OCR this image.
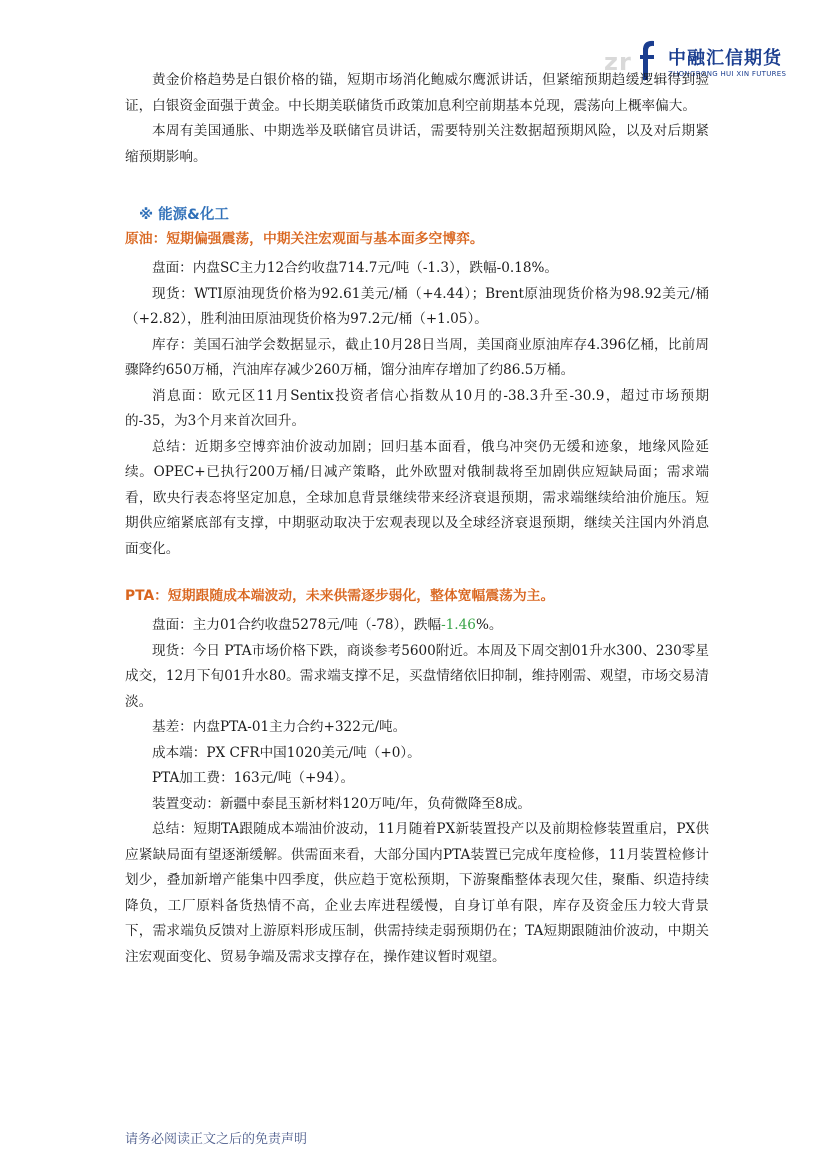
zr 中融汇信期货
ZHONGRONG HUI XIN FUTURES

黄金价格趋势是白银价格的锚，短期市场消化鲍威尔鹰派讲话，但紧缩预期趋缓逻辑得到验证，白银资金面强于黄金。中长期美联储货币政策加息利空前期基本兑现，震荡向上概率偏大。

本周有美国通胀、中期选举及联储官员讲话，需要特别关注数据超预期风险，以及对后期紧缩预期影响。

※ 能源&化工
原油：短期偏强震荡，中期关注宏观面与基本面多空博弈。

盘面：内盘SC主力12合约收盘714.7元/吨（-1.3），跌幅-0.18%。

现货：WTI原油现货价格为92.61美元/桶（+4.44）；Brent原油现货价格为98.92美元/桶（+2.82），胜利油田原油现货价格为97.2元/桶（+1.05）。

库存：美国石油学会数据显示，截止10月28日当周，美国商业原油库存4.396亿桶，比前周骤降约650万桶，汽油库存减少260万桶，馏分油库存增加了约86.5万桶。

消息面：欧元区11月Sentix投资者信心指数从10月的-38.3升至-30.9，超过市场预期的-35，为3个月来首次回升。

总结：近期多空博弈油价波动加剧；回归基本面看，俄乌冲突仍无缓和迹象，地缘风险延续。OPEC+已执行200万桶/日减产策略，此外欧盟对俄制裁将至加剧供应短缺局面；需求端看，欧央行表态将坚定加息，全球加息背景继续带来经济衰退预期，需求端继续给油价施压。短期供应缩紧底部有支撑，中期驱动取决于宏观表现以及全球经济衰退预期，继续关注国内外消息面变化。

PTA：短期跟随成本端波动，未来供需逐步弱化，整体宽幅震荡为主。

盘面：主力01合约收盘5278元/吨（-78），跌幅-1.46%。

现货：今日 PTA市场价格下跌，商谈参考5600附近。本周及下周交割01升水300、230零星成交，12月下旬01升水80。需求端支撑不足，买盘情绪依旧抑制，维持刚需、观望，市场交易清淡。

基差：内盘PTA-01主力合约+322元/吨。

成本端：PX CFR中国1020美元/吨（+0）。

PTA加工费：163元/吨（+94）。

装置变动：新疆中泰昆玉新材料120万吨/年，负荷微降至8成。

总结：短期TA跟随成本端油价波动，11月随着PX新装置投产以及前期检修装置重启，PX供应紧缺局面有望逐渐缓解。供需面来看，大部分国内PTA装置已完成年度检修，11月装置检修计划少，叠加新增产能集中四季度，供应趋于宽松预期，下游聚酯整体表现欠佳，聚酯、织造持续降负，工厂原料备货热情不高，企业去库进程缓慢，自身订单有限，库存及资金压力较大背景下，需求端负反馈对上游原料形成压制，供需持续走弱预期仍在；TA短期跟随油价波动，中期关注宏观面变化、贸易争端及需求支撑存在，操作建议暂时观望。

请务必阅读正文之后的免责声明
